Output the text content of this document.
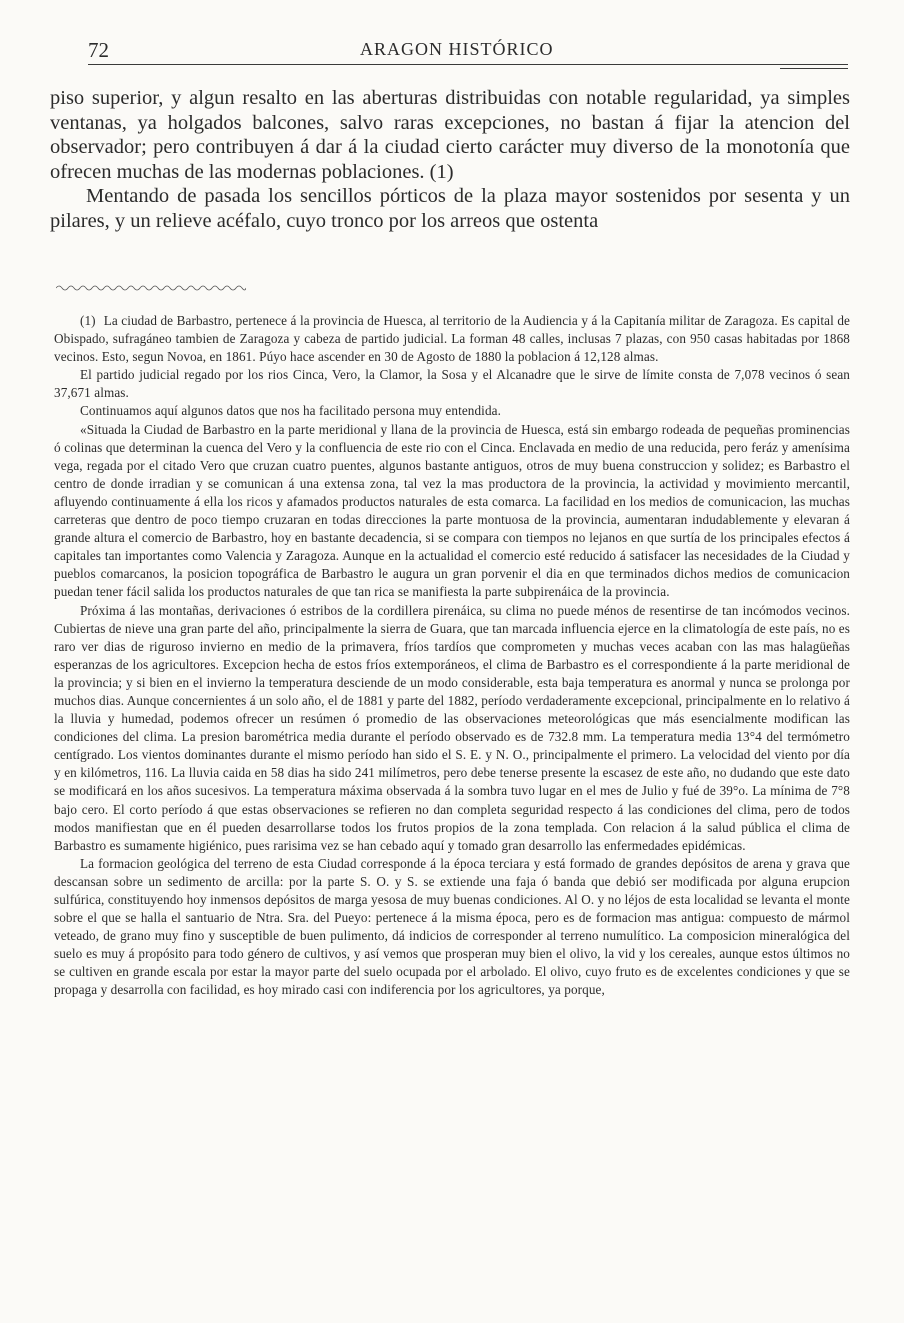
72	ARAGON HISTÓRICO

piso superior, y algun resalto en las aberturas distribuidas con notable regularidad, ya simples ventanas, ya holgados balcones, salvo raras excepciones, no bastan á fijar la atencion del observador; pero contribuyen á dar á la ciudad cierto carácter muy diverso de la monotonía que ofrecen muchas de las modernas poblaciones. (1)

Mentando de pasada los sencillos pórticos de la plaza mayor sostenidos por sesenta y un pilares, y un relieve acéfalo, cuyo tronco por los arreos que ostenta

(1) La ciudad de Barbastro, pertenece á la provincia de Huesca, al territorio de la Audiencia y á la Capitanía militar de Zaragoza. Es capital de Obispado, sufragáneo tambien de Zaragoza y cabeza de partido judicial. La forman 48 calles, inclusas 7 plazas, con 950 casas habitadas por 1868 vecinos. Esto, segun Novoa, en 1861. Púyo hace ascender en 30 de Agosto de 1880 la poblacion á 12,128 almas.

El partido judicial regado por los rios Cinca, Vero, la Clamor, la Sosa y el Alcanadre que le sirve de límite consta de 7,078 vecinos ó sean 37,671 almas.

Continuamos aquí algunos datos que nos ha facilitado persona muy entendida.

«Situada la Ciudad de Barbastro en la parte meridional y llana de la provincia de Huesca, está sin embargo rodeada de pequeñas prominencias ó colinas que determinan la cuenca del Vero y la confluencia de este rio con el Cinca. Enclavada en medio de una reducida, pero feráz y amenísima vega, regada por el citado Vero que cruzan cuatro puentes, algunos bastante antiguos, otros de muy buena construccion y solidez; es Barbastro el centro de donde irradian y se comunican á una extensa zona, tal vez la mas productora de la provincia, la actividad y movimiento mercantil, afluyendo continuamente á ella los ricos y afamados productos naturales de esta comarca. La facilidad en los medios de comunicacion, las muchas carreteras que dentro de poco tiempo cruzaran en todas direcciones la parte montuosa de la provincia, aumentaran indudablemente y elevaran á grande altura el comercio de Barbastro, hoy en bastante decadencia, si se compara con tiempos no lejanos en que surtía de los principales efectos á capitales tan importantes como Valencia y Zaragoza. Aunque en la actualidad el comercio esté reducido á satisfacer las necesidades de la Ciudad y pueblos comarcanos, la posicion topográfica de Barbastro le augura un gran porvenir el dia en que terminados dichos medios de comunicacion puedan tener fácil salida los productos naturales de que tan rica se manifiesta la parte subpirenáica de la provincia.

Próxima á las montañas, derivaciones ó estribos de la cordillera pirenáica, su clima no puede ménos de resentirse de tan incómodos vecinos. Cubiertas de nieve una gran parte del año, principalmente la sierra de Guara, que tan marcada influencia ejerce en la climatología de este país, no es raro ver dias de riguroso invierno en medio de la primavera, fríos tardíos que comprometen y muchas veces acaban con las mas halagüeñas esperanzas de los agricultores. Excepcion hecha de estos fríos extemporáneos, el clima de Barbastro es el correspondiente á la parte meridional de la provincia; y si bien en el invierno la temperatura desciende de un modo considerable, esta baja temperatura es anormal y nunca se prolonga por muchos dias. Aunque concernientes á un solo año, el de 1881 y parte del 1882, período verdaderamente excepcional, principalmente en lo relativo á la lluvia y humedad, podemos ofrecer un resúmen ó promedio de las observaciones meteorológicas que más esencialmente modifican las condiciones del clima. La presion barométrica media durante el período observado es de 732.8 mm. La temperatura media 13°4 del termómetro centígrado. Los vientos dominantes durante el mismo período han sido el S. E. y N. O., principalmente el primero. La velocidad del viento por día y en kilómetros, 116. La lluvia caida en 58 dias ha sido 241 milímetros, pero debe tenerse presente la escasez de este año, no dudando que este dato se modificará en los años sucesivos. La temperatura máxima observada á la sombra tuvo lugar en el mes de Julio y fué de 39°o. La mínima de 7°8 bajo cero. El corto período á que estas observaciones se refieren no dan completa seguridad respecto á las condiciones del clima, pero de todos modos manifiestan que en él pueden desarrollarse todos los frutos propios de la zona templada. Con relacion á la salud pública el clima de Barbastro es sumamente higiénico, pues rarisima vez se han cebado aquí y tomado gran desarrollo las enfermedades epidémicas.

La formacion geológica del terreno de esta Ciudad corresponde á la época terciara y está formado de grandes depósitos de arena y grava que descansan sobre un sedimento de arcilla: por la parte S. O. y S. se extiende una faja ó banda que debió ser modificada por alguna erupcion sulfúrica, constituyendo hoy inmensos depósitos de marga yesosa de muy buenas condiciones. Al O. y no léjos de esta localidad se levanta el monte sobre el que se halla el santuario de Ntra. Sra. del Pueyo: pertenece á la misma época, pero es de formacion mas antigua: compuesto de mármol veteado, de grano muy fino y susceptible de buen pulimento, dá indicios de corresponder al terreno numulítico. La composicion mineralógica del suelo es muy á propósito para todo género de cultivos, y así vemos que prosperan muy bien el olivo, la vid y los cereales, aunque estos últimos no se cultiven en grande escala por estar la mayor parte del suelo ocupada por el arbolado. El olivo, cuyo fruto es de excelentes condiciones y que se propaga y desarrolla con facilidad, es hoy mirado casi con indiferencia por los agricultores, ya porque,
